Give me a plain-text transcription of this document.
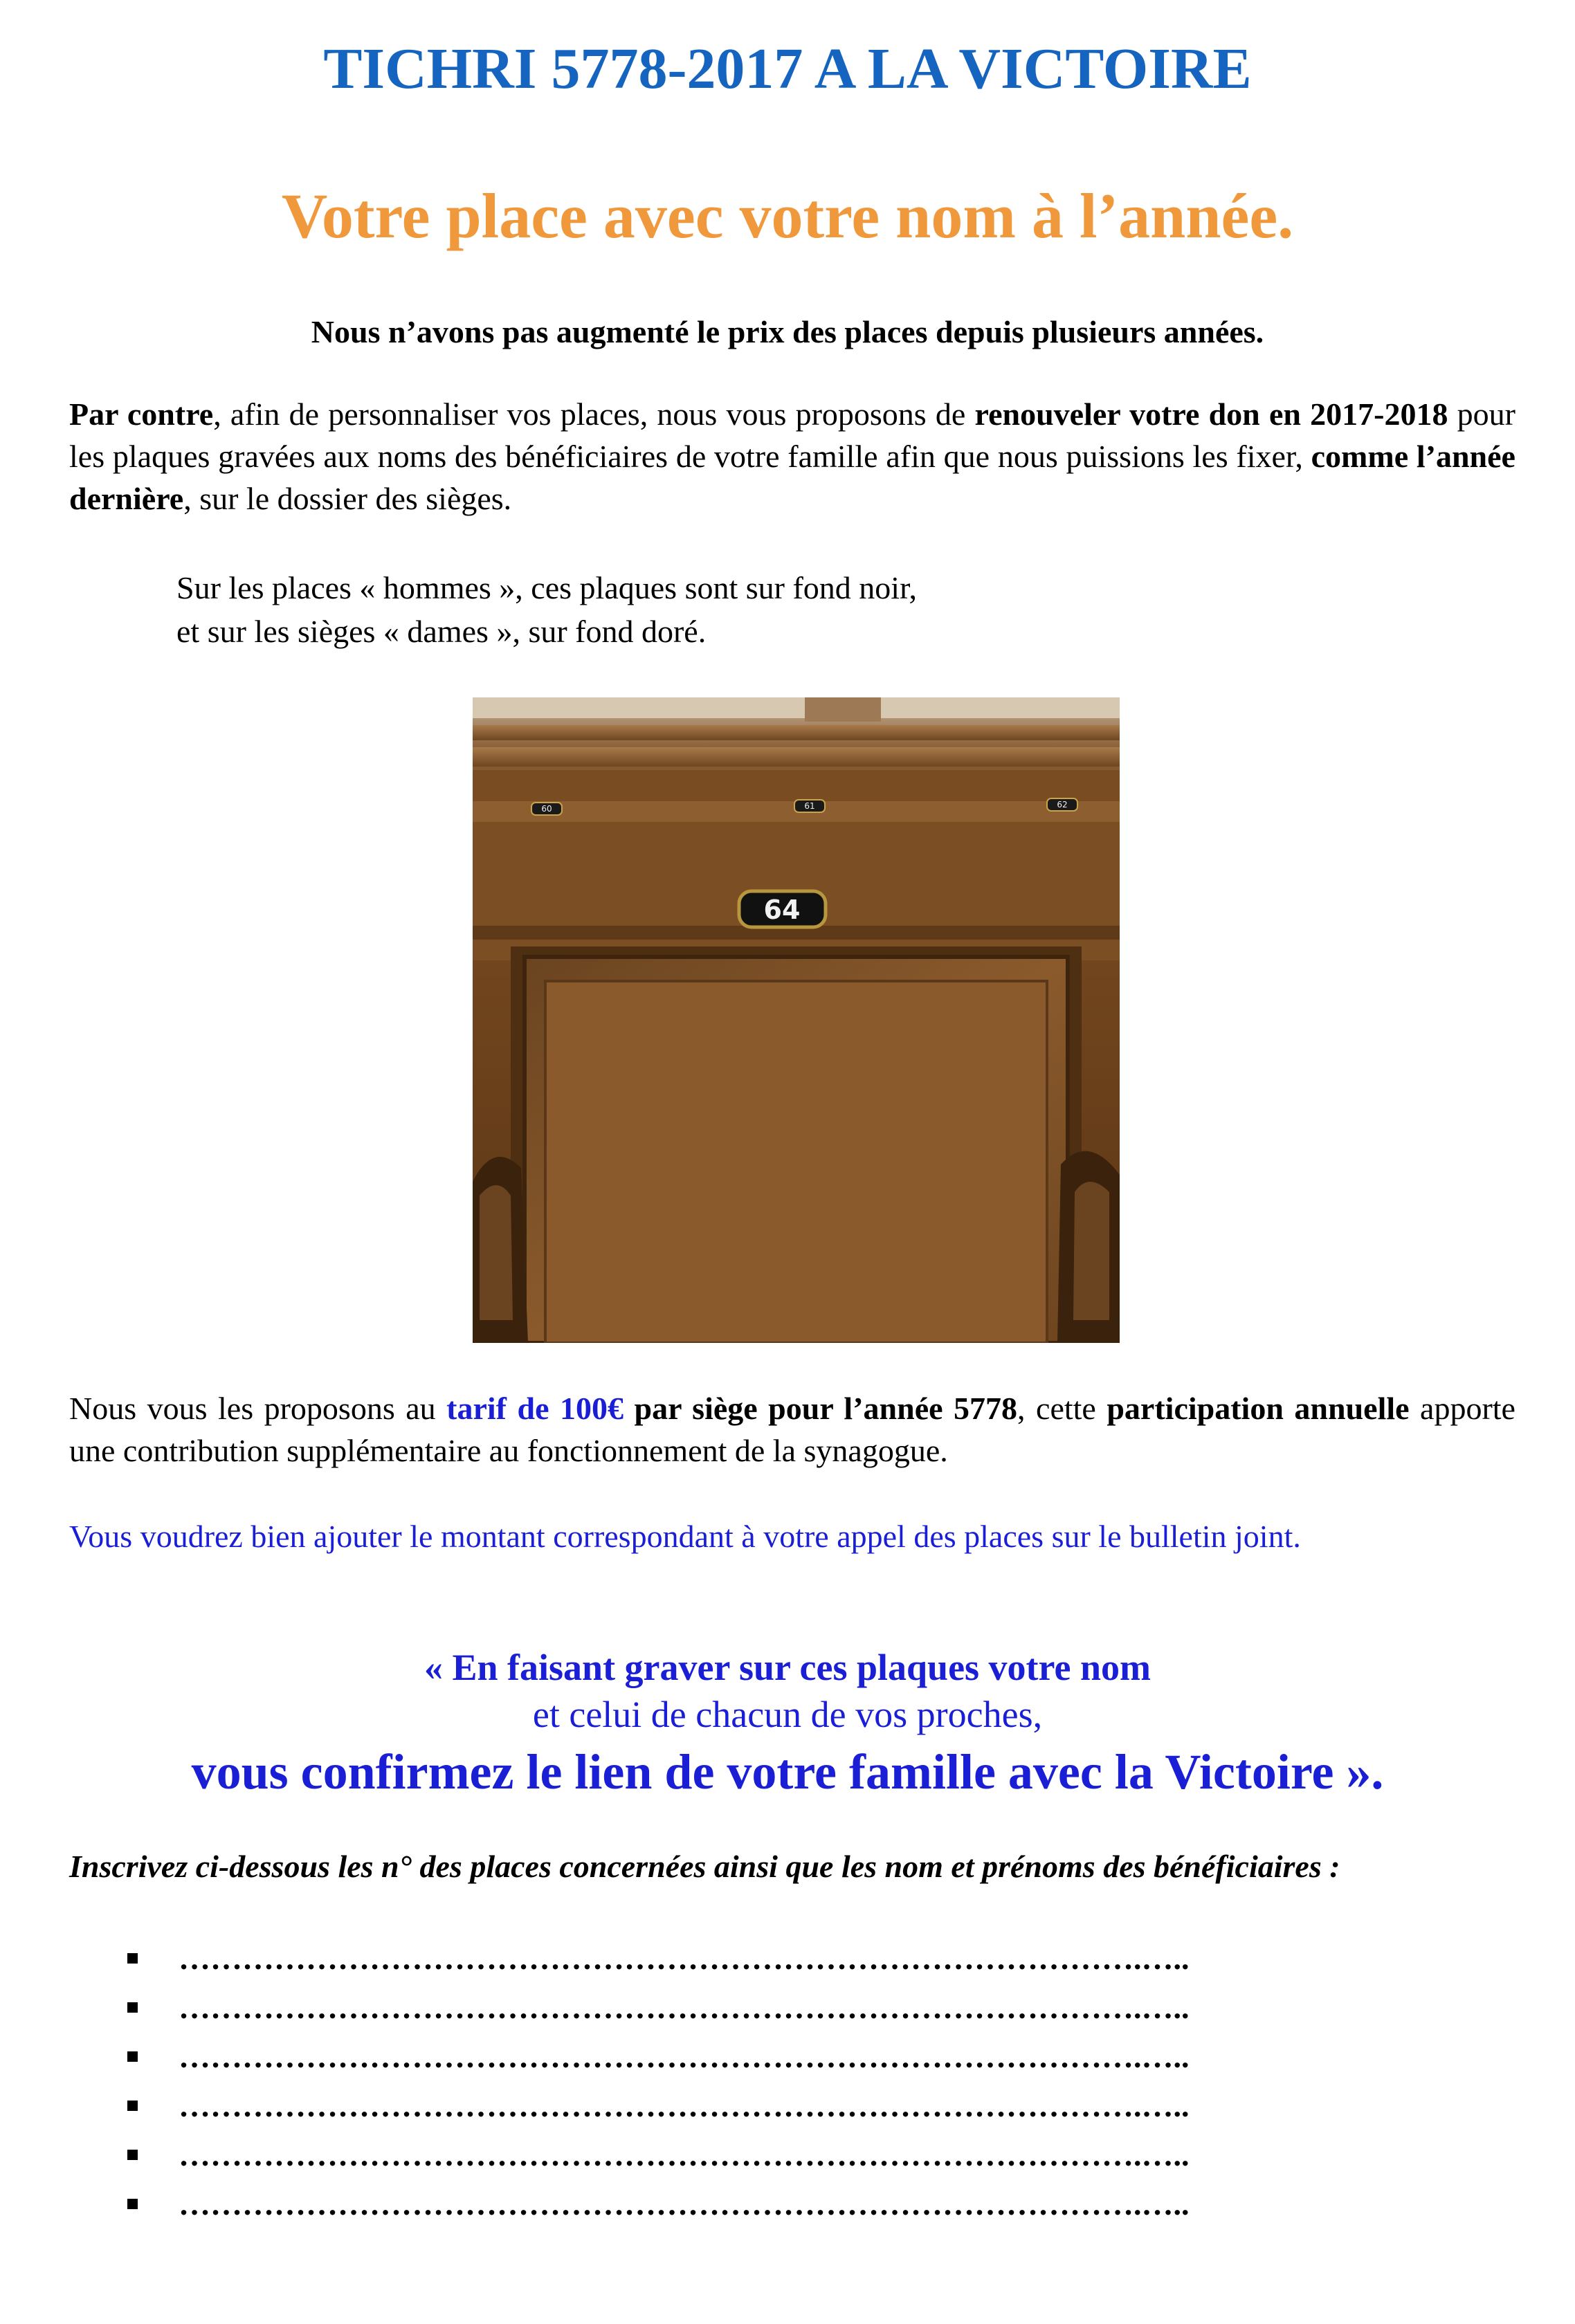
TICHRI 5778-2017 A LA VICTOIRE
Votre place avec votre nom à l’année.
Nous n’avons pas augmenté le prix des places depuis plusieurs années.
Par contre, afin de personnaliser vos places, nous vous proposons de renouveler votre don en 2017-2018 pour les plaques gravées aux noms des bénéficiaires de votre famille afin que nous puissions les fixer, comme l’année dernière, sur le dossier des sièges.
Sur les places « hommes », ces plaques sont sur fond noir,
et sur les sièges « dames », sur fond doré.
60	61	62
64
Nous vous les proposons au tarif de 100€ par siège pour l’année 5778, cette participation annuelle apporte une contribution supplémentaire au fonctionnement de la synagogue.
Vous voudrez bien ajouter le montant correspondant à votre appel des places sur le bulletin joint.
« En faisant graver sur ces plaques votre nom
et celui de chacun de vos proches,
vous confirmez le lien de votre famille avec la Victoire ».
Inscrivez ci-dessous les n° des places concernées ainsi que les nom et prénoms des bénéficiaires :
……………………………………………………………………………….…..
……………………………………………………………………………….…..
……………………………………………………………………………….…..
……………………………………………………………………………….…..
……………………………………………………………………………….…..
……………………………………………………………………………….…..
